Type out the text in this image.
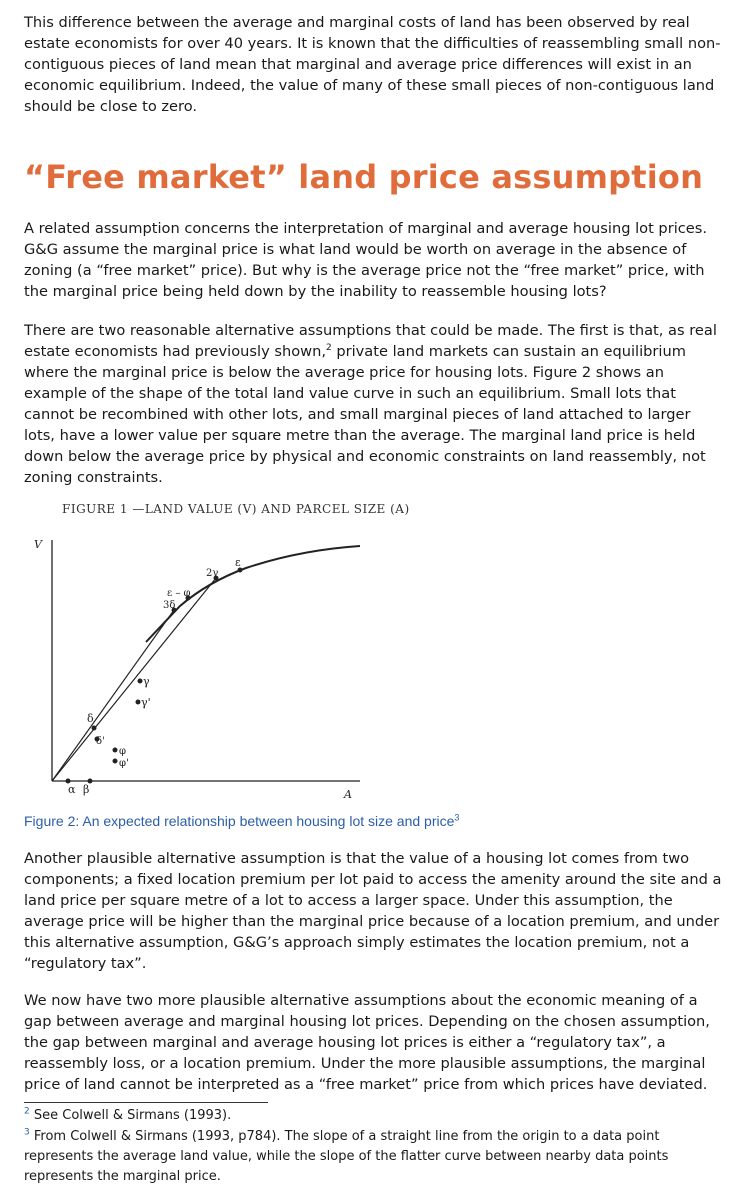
This difference between the average and marginal costs of land has been observed by real estate economists for over 40 years. It is known that the difficulties of reassembling small non-contiguous pieces of land mean that marginal and average price differences will exist in an economic equilibrium. Indeed, the value of many of these small pieces of non-contiguous land should be close to zero.

“Free market” land price assumption

A related assumption concerns the interpretation of marginal and average housing lot prices. G&G assume the marginal price is what land would be worth on average in the absence of zoning (a “free market” price). But why is the average price not the “free market” price, with the marginal price being held down by the inability to reassemble housing lots?

There are two reasonable alternative assumptions that could be made. The first is that, as real estate economists had previously shown,$^2$ private land markets can sustain an equilibrium where the marginal price is below the average price for housing lots. Figure 2 shows an example of the shape of the total land value curve in such an equilibrium. Small lots that cannot be recombined with other lots, and small marginal pieces of land attached to larger lots, have a lower value per square metre than the average. The marginal land price is held down below the average price by physical and economic constraints on land reassembly, not zoning constraints.

FIGURE 1 —LAND VALUE (V) AND PARCEL SIZE (A)

V
A
α β
δ
δ'
φ
φ'
γ
γ'
3δ
ε – φ
2γ
ε

Figure 2: An expected relationship between housing lot size and price$^3$

Another plausible alternative assumption is that the value of a housing lot comes from two components; a fixed location premium per lot paid to access the amenity around the site and a land price per square metre of a lot to access a larger space. Under this assumption, the average price will be higher than the marginal price because of a location premium, and under this alternative assumption, G&G’s approach simply estimates the location premium, not a “regulatory tax”.

We now have two more plausible alternative assumptions about the economic meaning of a gap between average and marginal housing lot prices. Depending on the chosen assumption, the gap between marginal and average housing lot prices is either a “regulatory tax”, a reassembly loss, or a location premium. Under the more plausible assumptions, the marginal price of land cannot be interpreted as a “free market” price from which prices have deviated.

$^2$ See Colwell & Sirmans (1993).

$^3$ From Colwell & Sirmans (1993, p784). The slope of a straight line from the origin to a data point represents the average land value, while the slope of the flatter curve between nearby data points represents the marginal price.
